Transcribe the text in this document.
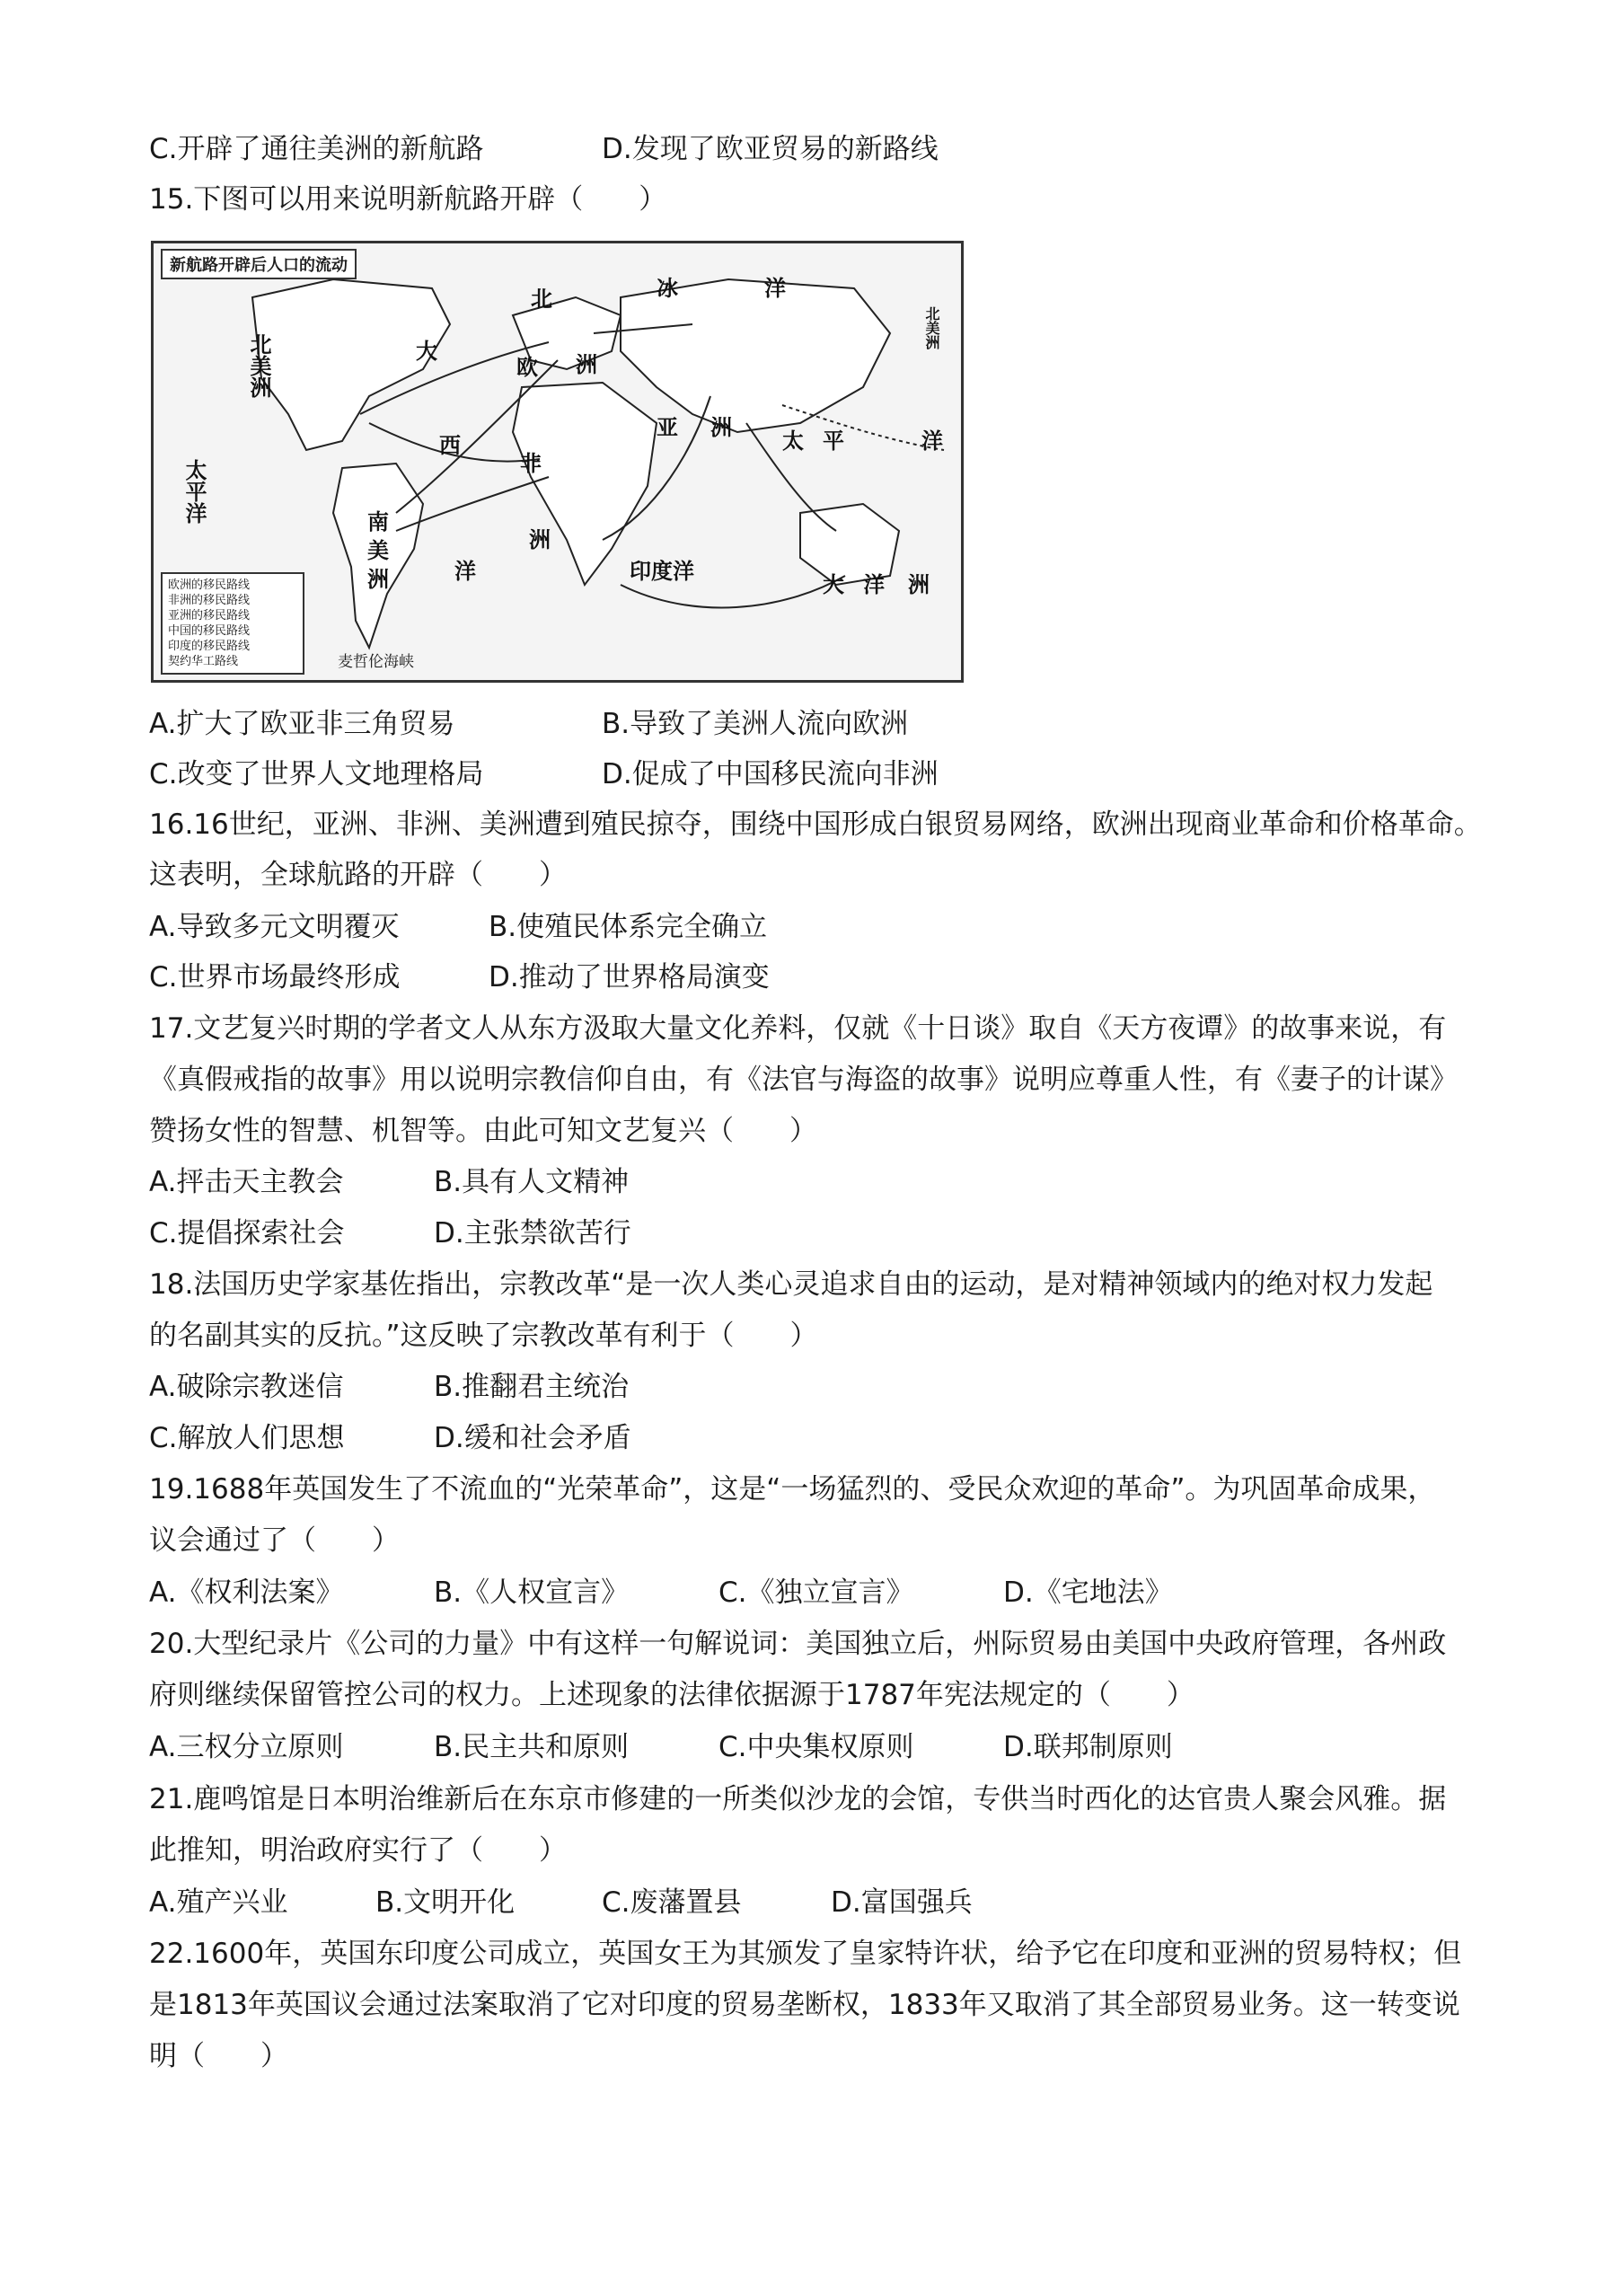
C.开辟了通往美洲的新航路	D.发现了欧亚贸易的新路线
15.下图可以用来说明新航路开辟（　　）
新航路开辟后人口的流动
北	冰	洋
北美洲
北美洲
太平洋
太 平	洋
大
西
洋
欧 洲
亚 洲
非
洲
南
美
洲	印度洋
大 洋 洲
欧洲的移民路线
非洲的移民路线
亚洲的移民路线
中国的移民路线
印度的移民路线
契约华工路线	麦哲伦海峡
A.扩大了欧亚非三角贸易	B.导致了美洲人流向欧洲
C.改变了世界人文地理格局	D.促成了中国移民流向非洲
16.16世纪，亚洲、非洲、美洲遭到殖民掠夺，围绕中国形成白银贸易网络，欧洲出现商业革命和价格革命。
这表明，全球航路的开辟（　　）
A.导致多元文明覆灭	B.使殖民体系完全确立
C.世界市场最终形成	D.推动了世界格局演变
17.文艺复兴时期的学者文人从东方汲取大量文化养料，仅就《十日谈》取自《天方夜谭》的故事来说，有
《真假戒指的故事》用以说明宗教信仰自由，有《法官与海盗的故事》说明应尊重人性，有《妻子的计谋》
赞扬女性的智慧、机智等。由此可知文艺复兴（　　）
A.抨击天主教会	B.具有人文精神
C.提倡探索社会	D.主张禁欲苦行
18.法国历史学家基佐指出，宗教改革“是一次人类心灵追求自由的运动，是对精神领域内的绝对权力发起
的名副其实的反抗。”这反映了宗教改革有利于（　　）
A.破除宗教迷信	B.推翻君主统治
C.解放人们思想	D.缓和社会矛盾
19.1688年英国发生了不流血的“光荣革命”，这是“一场猛烈的、受民众欢迎的革命”。为巩固革命成果，
议会通过了（　　）
A.《权利法案》	B.《人权宣言》	C.《独立宣言》	D.《宅地法》
20.大型纪录片《公司的力量》中有这样一句解说词：美国独立后，州际贸易由美国中央政府管理，各州政
府则继续保留管控公司的权力。上述现象的法律依据源于1787年宪法规定的（　　）
A.三权分立原则	B.民主共和原则	C.中央集权原则	D.联邦制原则
21.鹿鸣馆是日本明治维新后在东京市修建的一所类似沙龙的会馆，专供当时西化的达官贵人聚会风雅。据
此推知，明治政府实行了（　　）
A.殖产兴业	B.文明开化	C.废藩置县	D.富国强兵
22.1600年，英国东印度公司成立，英国女王为其颁发了皇家特许状，给予它在印度和亚洲的贸易特权；但
是1813年英国议会通过法案取消了它对印度的贸易垄断权，1833年又取消了其全部贸易业务。这一转变说
明（　　）
